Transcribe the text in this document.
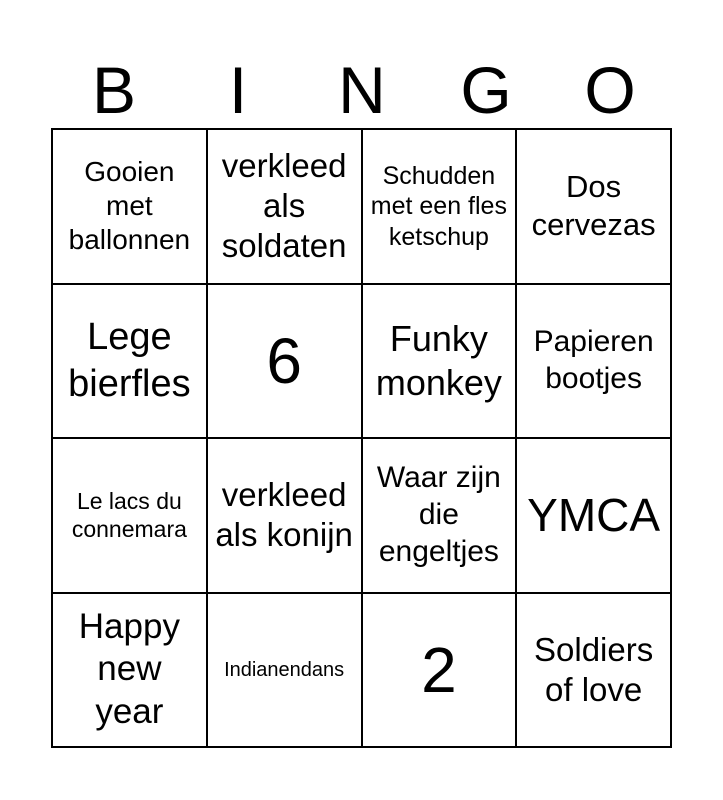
B	I	N	G	O
Gooien met ballonnen
verkleed als soldaten
Schudden met een fles ketschup
Dos cervezas
Lege bierfles	6	Funky monkey
Papieren bootjes
Le lacs du connemara
verkleed als konijn
Waar zijn die engeltjes
YMCA
Happy new year
Indianendans	2	Soldiers of love
